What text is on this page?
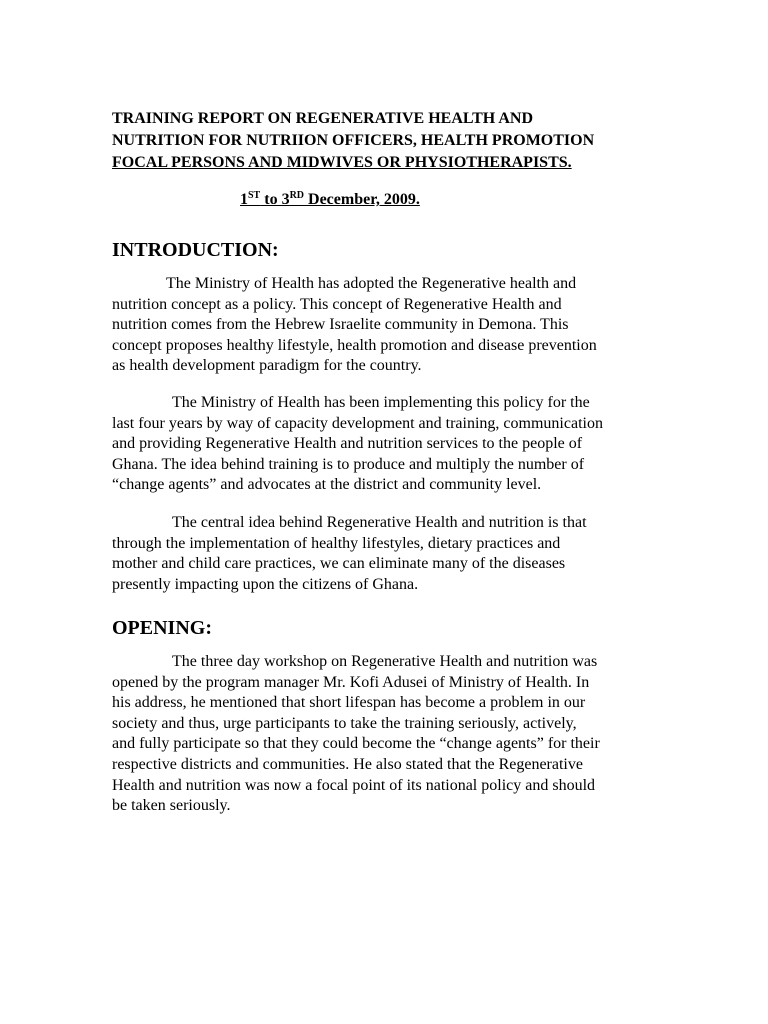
TRAINING REPORT ON REGENERATIVE HEALTH AND
NUTRITION FOR NUTRIION OFFICERS, HEALTH PROMOTION
FOCAL PERSONS AND MIDWIVES OR PHYSIOTHERAPISTS.
1ST to 3RD December, 2009.
INTRODUCTION:
The Ministry of Health has adopted the Regenerative health and
nutrition concept as a policy. This concept of Regenerative Health and
nutrition comes from the Hebrew Israelite community in Demona. This
concept proposes healthy lifestyle, health promotion and disease prevention
as health development paradigm for the country.
The Ministry of Health has been implementing this policy for the
last four years by way of capacity development and training, communication
and providing Regenerative Health and nutrition services to the people of
Ghana. The idea behind training is to produce and multiply the number of
“change agents” and advocates at the district and community level.
The central idea behind Regenerative Health and nutrition is that
through the implementation of healthy lifestyles, dietary practices and
mother and child care practices, we can eliminate many of the diseases
presently impacting upon the citizens of Ghana.
OPENING:
The three day workshop on Regenerative Health and nutrition was
opened by the program manager Mr. Kofi Adusei of Ministry of Health. In
his address, he mentioned that short lifespan has become a problem in our
society and thus, urge participants to take the training seriously, actively,
and fully participate so that they could become the “change agents” for their
respective districts and communities. He also stated that the Regenerative
Health and nutrition was now a focal point of its national policy and should
be taken seriously.
